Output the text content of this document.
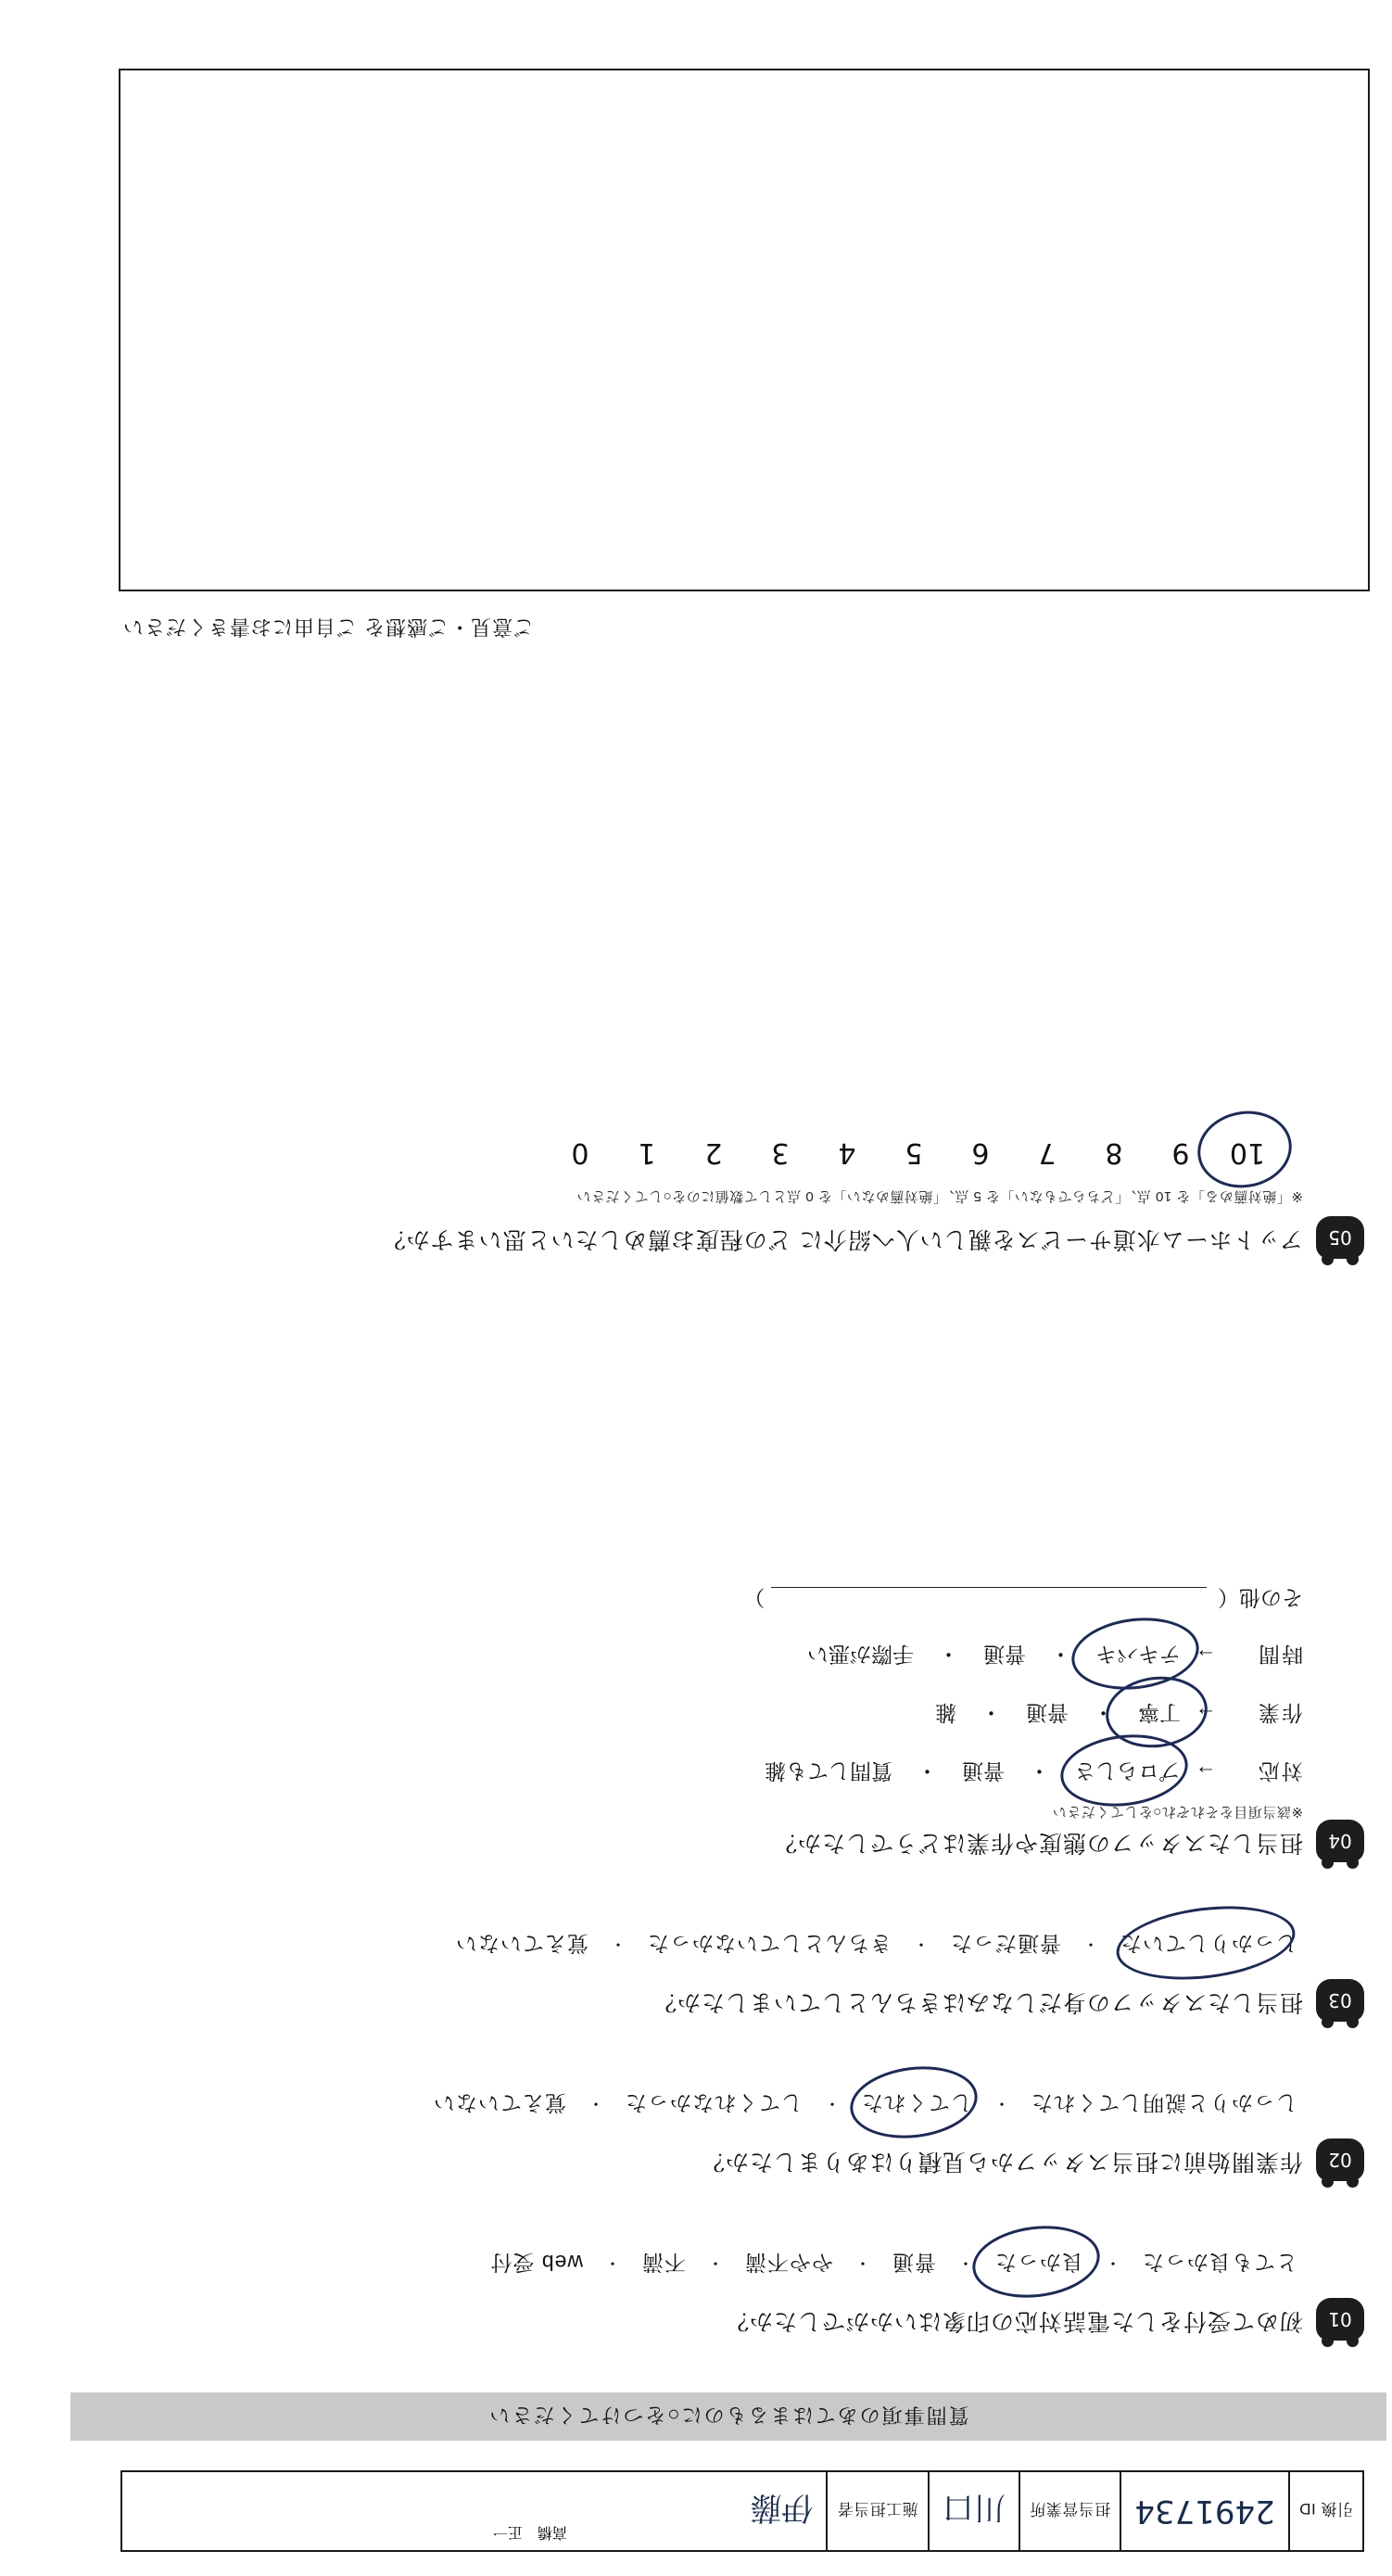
引換 ID
2491734
担当営業所
川口
施工担当者
伊藤
高橋　正一
質問事項のあてはまるものに○をつけてください
01
初めて受付をした電話対応の印象はいかがでしたか？
とても良かった
・
良かった
・
普通
・
やや不満
・
不満
・
web 受付
02
作業開始前に担当スタッフから見積りはありましたか？
しっかりと説明してくれた
・
してくれた
・
してくれなかった
・
覚えていない
03
担当したスタッフの身だしなみはきちんとしていましたか？
しっかりしていた
・
普通だった
・
きちんとしていなかった
・
覚えていない
04
担当したスタッフの態度や作業はどうでしたか？
※該当項目をそれぞれ○をしてください
対応
→
プロらしさ
・
普通
・
質問しても雑
作業
→
丁寧
・
普通
・
雑
時間
→
テキパキ
・
普通
・
手際が悪い
その他（  ）
05
アットホーム水道サービスを親しい人へ紹介に どの程度お薦めしたいと思いますか？
※「絶対薦める」を 10 点、「どちらでもない」を 5 点、「絶対薦めない」を 0 点として数値にのを○してください
10
9
8
7
6
5
4
3
2
1
0
ご意見・ご感想を ご自由にお書きください
